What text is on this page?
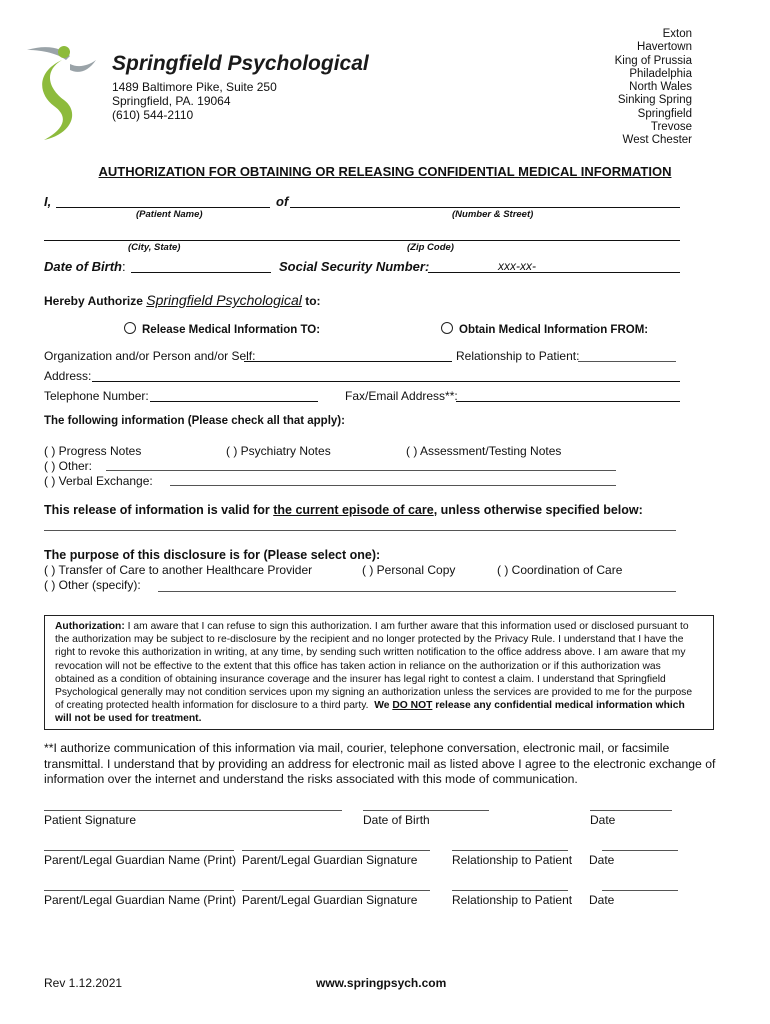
Springfield Psychological
1489 Baltimore Pike, Suite 250
Springfield, PA. 19064
(610) 544-2110
Exton
Havertown
King of Prussia
Philadelphia
North Wales
Sinking Spring
Springfield
Trevose
West Chester
AUTHORIZATION FOR OBTAINING OR RELEASING CONFIDENTIAL MEDICAL INFORMATION
I,	of
(Patient Name)	(Number & Street)
(City, State)	(Zip Code)
Date of Birth:	Social Security Number:	xxx-xx-
Hereby Authorize Springfield Psychological to:
Release Medical Information TO:	Obtain Medical Information FROM:
Organization and/or Person and/or Self:	Relationship to Patient:
Address:
Telephone Number:	Fax/Email Address**:
The following information (Please check all that apply):
( ) Progress Notes	( ) Psychiatry Notes	( ) Assessment/Testing Notes
( ) Other:
( ) Verbal Exchange:
This release of information is valid for the current episode of care, unless otherwise specified below:
The purpose of this disclosure is for (Please select one):
( ) Transfer of Care to another Healthcare Provider	( ) Personal Copy	( ) Coordination of Care
( ) Other (specify):
Authorization: I am aware that I can refuse to sign this authorization. I am further aware that this information used or disclosed pursuant to the authorization may be subject to re-disclosure by the recipient and no longer protected by the Privacy Rule. I understand that I have the right to revoke this authorization in writing, at any time, by sending such written notification to the office address above. I am aware that my revocation will not be effective to the extent that this office has taken action in reliance on the authorization or if this authorization was obtained as a condition of obtaining insurance coverage and the insurer has legal right to contest a claim. I understand that Springfield Psychological generally may not condition services upon my signing an authorization unless the services are provided to me for the purpose of creating protected health information for disclosure to a third party. We DO NOT release any confidential medical information which will not be used for treatment.
**I authorize communication of this information via mail, courier, telephone conversation, electronic mail, or facsimile transmittal. I understand that by providing an address for electronic mail as listed above I agree to the electronic exchange of information over the internet and understand the risks associated with this mode of communication.
Patient Signature	Date of Birth	Date
Parent/Legal Guardian Name (Print) Parent/Legal Guardian Signature	Relationship to Patient Date
Parent/Legal Guardian Name (Print) Parent/Legal Guardian Signature	Relationship to Patient Date
Rev 1.12.2021	www.springpsych.com
